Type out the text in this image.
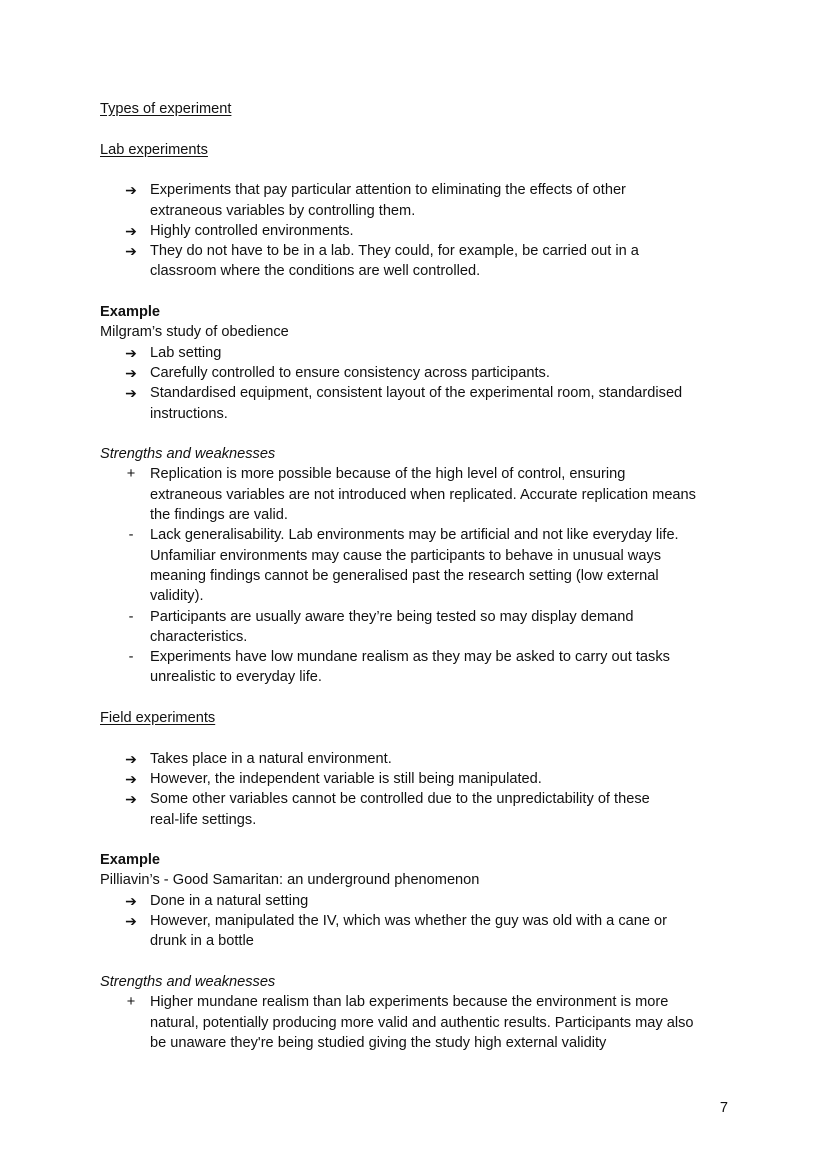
Types of experiment
Lab experiments
➔ Experiments that pay particular attention to eliminating the effects of other
extraneous variables by controlling them.
➔ Highly controlled environments.
➔ They do not have to be in a lab. They could, for example, be carried out in a
classroom where the conditions are well controlled.
Example
Milgram’s study of obedience
➔ Lab setting
➔ Carefully controlled to ensure consistency across participants.
➔ Standardised equipment, consistent layout of the experimental room, standardised
instructions.
Strengths and weaknesses
+ Replication is more possible because of the high level of control, ensuring
extraneous variables are not introduced when replicated. Accurate replication means
the findings are valid.
-	Lack generalisability. Lab environments may be artificial and not like everyday life.
Unfamiliar environments may cause the participants to behave in unusual ways
meaning findings cannot be generalised past the research setting (low external
validity).
-	Participants are usually aware they’re being tested so may display demand
characteristics.
-	Experiments have low mundane realism as they may be asked to carry out tasks
unrealistic to everyday life.
Field experiments
➔ Takes place in a natural environment.
➔ However, the independent variable is still being manipulated.
➔ Some other variables cannot be controlled due to the unpredictability of these
real-life settings.
Example
Pilliavin’s - Good Samaritan: an underground phenomenon
➔ Done in a natural setting
➔ However, manipulated the IV, which was whether the guy was old with a cane or
drunk in a bottle
Strengths and weaknesses
+ Higher mundane realism than lab experiments because the environment is more
natural, potentially producing more valid and authentic results. Participants may also
be unaware they're being studied giving the study high external validity
7
